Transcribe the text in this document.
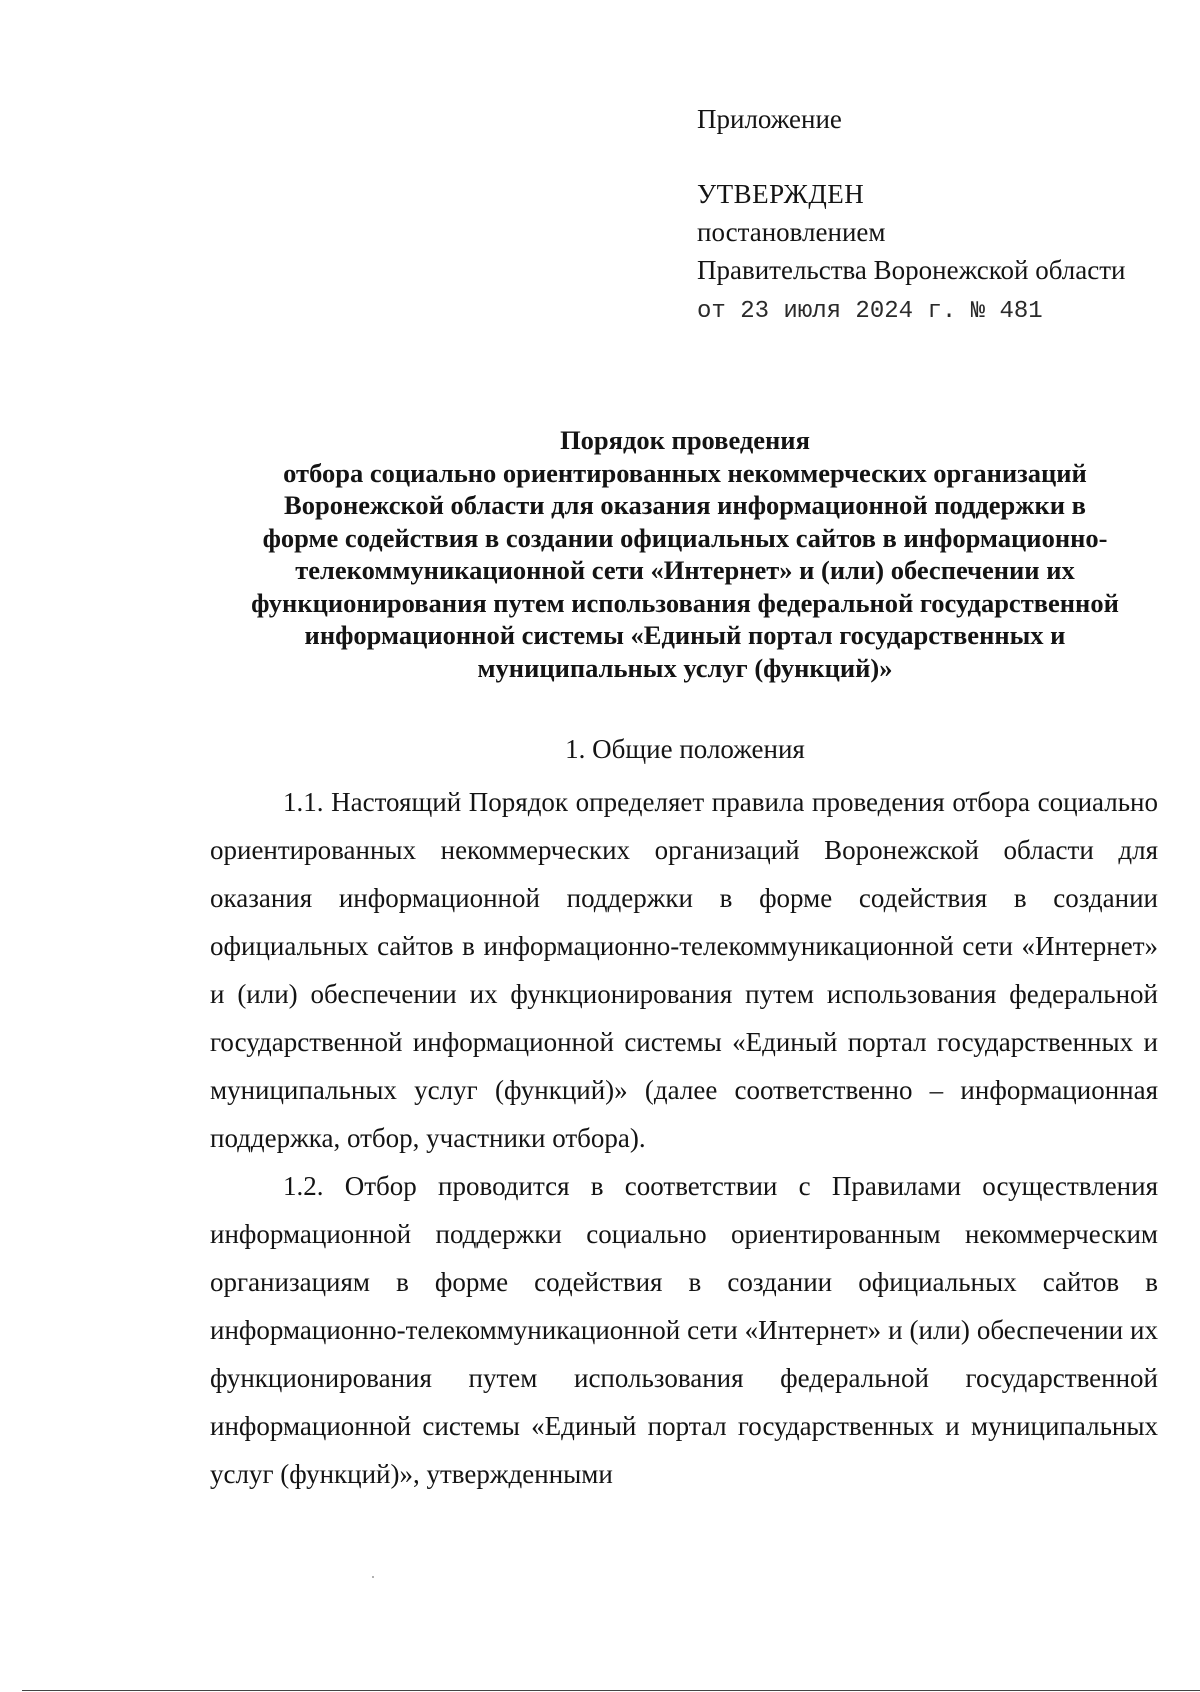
Приложение

УТВЕРЖДЕН

постановлением

Правительства Воронежской области

от 23 июля 2024 г. № 481

Порядок проведения
отбора социально ориентированных некоммерческих организаций
Воронежской области для оказания информационной поддержки в
форме содействия в создании официальных сайтов в информационно-
телекоммуникационной сети «Интернет» и (или) обеспечении их
функционирования путем использования федеральной государственной
информационной системы «Единый портал государственных и
муниципальных услуг (функций)»
1. Общие положения

1.1. Настоящий Порядок определяет правила проведения отбора социально ориентированных некоммерческих организаций Воронежской области для оказания информационной поддержки в форме содействия в создании официальных сайтов в информационно-телекоммуникационной сети «Интернет» и (или) обеспечении их функционирования путем использования федеральной государственной информационной системы «Единый портал государственных и муниципальных услуг (функций)» (далее соответственно – информационная поддержка, отбор, участники отбора).

1.2. Отбор проводится в соответствии с Правилами осуществления информационной поддержки социально ориентированным некоммерческим организациям в форме содействия в создании официальных сайтов в информационно-телекоммуникационной сети «Интернет» и (или) обеспечении их функционирования путем использования федеральной государственной информационной системы «Единый портал государственных и муниципальных услуг (функций)», утвержденными
